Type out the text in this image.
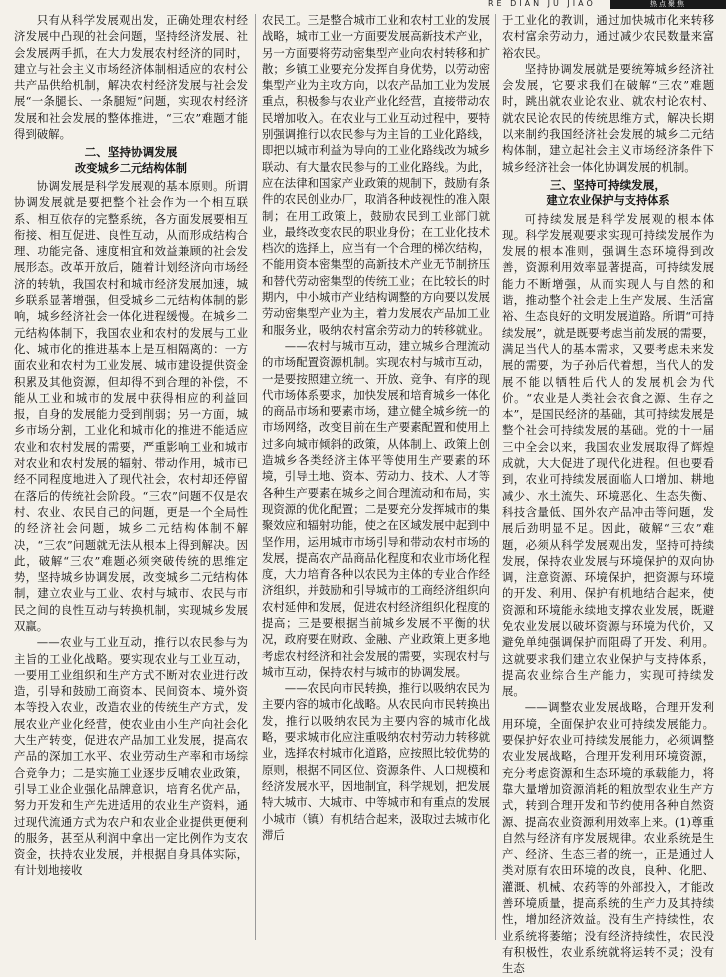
RE DIAN JU JIAO	热点聚焦

只有从科学发展观出发，正确处理农村经济发展中凸现的社会问题，坚持经济发展、社会发展两手抓，在大力发展农村经济的同时，建立与社会主义市场经济体制相适应的农村公共产品供给机制，解决农村经济发展与社会发展“一条腿长、一条腿短”问题，实现农村经济发展和社会发展的整体推进，“三农”难题才能得到破解。

二、坚持协调发展
改变城乡二元结构体制

协调发展是科学发展观的基本原则。所谓协调发展就是要把整个社会作为一个相互联系、相互依存的完整系统，各方面发展要相互衔接、相互促进、良性互动，从而形成结构合理、功能完备、速度相宜和效益兼顾的社会发展形态。改革开放后，随着计划经济向市场经济的转轨，我国农村和城市经济发展加速，城乡联系显著增强，但受城乡二元结构体制的影响，城乡经济社会一体化进程缓慢。在城乡二元结构体制下，我国农业和农村的发展与工业化、城市化的推进基本上是互相隔离的：一方面农业和农村为工业发展、城市建设提供资金积累及其他资源，但却得不到合理的补偿，不能从工业和城市的发展中获得相应的利益回报，自身的发展能力受到削弱；另一方面，城乡市场分割，工业化和城市化的推进不能适应农业和农村发展的需要，严重影响工业和城市对农业和农村发展的辐射、带动作用，城市已经不同程度地进入了现代社会，农村却还停留在落后的传统社会阶段。“三农”问题不仅是农村、农业、农民自己的问题，更是一个全局性的经济社会问题，城乡二元结构体制不解决，“三农”问题就无法从根本上得到解决。因此，破解“三农”难题必须突破传统的思维定势，坚持城乡协调发展，改变城乡二元结构体制，建立农业与工业、农村与城市、农民与市民之间的良性互动与转换机制，实现城乡发展双赢。

——农业与工业互动，推行以农民参与为主旨的工业化战略。要实现农业与工业互动，一要用工业组织和生产方式不断对农业进行改造，引导和鼓励工商资本、民间资本、境外资本等投入农业，改造农业的传统生产方式，发展农业产业化经营，使农业由小生产向社会化大生产转变，促进农产品加工业发展，提高农产品的深加工水平、农业劳动生产率和市场综合竞争力；二是实施工业逐步反哺农业政策，引导工业企业强化品牌意识，培育名优产品，努力开发和生产先进适用的农业生产资料，通过现代流通方式为农户和农业企业提供更便利的服务，甚至从利润中拿出一定比例作为支农资金，扶持农业发展，并根据自身具体实际，有计划地接收

农民工。三是整合城市工业和农村工业的发展战略，城市工业一方面要发展高新技术产业，另一方面要将劳动密集型产业向农村转移和扩散；乡镇工业要充分发挥自身优势，以劳动密集型产业为主攻方向，以农产品加工业为发展重点，积极参与农业产业化经营，直接带动农民增加收入。在农业与工业互动过程中，要特别强调推行以农民参与为主旨的工业化路线，即把以城市利益为导向的工业化路线改为城乡联动、有大量农民参与的工业化路线。为此，应在法律和国家产业政策的规制下，鼓励有条件的农民创业办厂，取消各种歧视性的准入限制；在用工政策上，鼓励农民到工业部门就业，最终改变农民的职业身份；在工业化技术档次的选择上，应当有一个合理的梯次结构，不能用资本密集型的高新技术产业无节制挤压和替代劳动密集型的传统工业；在比较长的时期内，中小城市产业结构调整的方向要以发展劳动密集型产业为主，着力发展农产品加工业和服务业，吸纳农村富余劳动力的转移就业。

——农村与城市互动，建立城乡合理流动的市场配置资源机制。实现农村与城市互动，一是要按照建立统一、开放、竞争、有序的现代市场体系要求，加快发展和培育城乡一体化的商品市场和要素市场，建立健全城乡统一的市场网络，改变目前在生产要素配置和使用上过多向城市倾斜的政策，从体制上、政策上创造城乡各类经济主体平等使用生产要素的环境，引导土地、资本、劳动力、技术、人才等各种生产要素在城乡之间合理流动和布局，实现资源的优化配置；二是要充分发挥城市的集聚效应和辐射功能，使之在区域发展中起到中坚作用，运用城市市场引导和带动农村市场的发展，提高农产品商品化程度和农业市场化程度，大力培育各种以农民为主体的专业合作经济组织，并鼓励和引导城市的工商经济组织向农村延伸和发展，促进农村经济组织化程度的提高；三是要根据当前城乡发展不平衡的状况，政府要在财政、金融、产业政策上更多地考虑农村经济和社会发展的需要，实现农村与城市互动，保持农村与城市的协调发展。

——农民向市民转换，推行以吸纳农民为主要内容的城市化战略。从农民向市民转换出发，推行以吸纳农民为主要内容的城市化战略，要求城市化应注重吸纳农村劳动力转移就业，选择农村城市化道路，应按照比较优势的原则，根据不同区位、资源条件、人口规模和经济发展水平，因地制宜，科学规划，把发展特大城市、大城市、中等城市和有重点的发展小城市（镇）有机结合起来，汲取过去城市化滞后

于工业化的教训，通过加快城市化来转移农村富余劳动力，通过减少农民数量来富裕农民。

坚持协调发展就是要统筹城乡经济社会发展，它要求我们在破解“三农”难题时，跳出就农业论农业、就农村论农村、就农民论农民的传统思维方式，解决长期以来制约我国经济社会发展的城乡二元结构体制，建立起社会主义市场经济条件下城乡经济社会一体化协调发展的机制。

三、坚持可持续发展，
建立农业保护与支持体系

可持续发展是科学发展观的根本体现。科学发展观要求实现可持续发展作为发展的根本准则，强调生态环境得到改善，资源利用效率显著提高，可持续发展能力不断增强，从而实现人与自然的和谐，推动整个社会走上生产发展、生活富裕、生态良好的文明发展道路。所谓“可持续发展”，就是既要考虑当前发展的需要，满足当代人的基本需求，又要考虑未来发展的需要，为子孙后代着想，当代人的发展不能以牺牲后代人的发展机会为代价。“农业是人类社会衣食之源、生存之本”，是国民经济的基础，其可持续发展是整个社会可持续发展的基础。党的十一届三中全会以来，我国农业发展取得了辉煌成就，大大促进了现代化进程。但也要看到，农业可持续发展面临人口增加、耕地减少、水土流失、环境恶化、生态失衡、科技含量低、国外农产品冲击等问题，发展后劲明显不足。因此，破解“三农”难题，必须从科学发展观出发，坚持可持续发展，保持农业发展与环境保护的双向协调，注意资源、环境保护，把资源与环境的开发、利用、保护有机地结合起来，使资源和环境能永续地支撑农业发展，既避免农业发展以破坏资源与环境为代价，又避免单纯强调保护而阻碍了开发、利用。这就要求我们建立农业保护与支持体系，提高农业综合生产能力，实现可持续发展。

——调整农业发展战略，合理开发利用环境，全面保护农业可持续发展能力。要保护好农业可持续发展能力，必须调整农业发展战略，合理开发利用环境资源，充分考虑资源和生态环境的承载能力，将靠大量增加资源消耗的粗放型农业生产方式，转到合理开发和节约使用各种自然资源、提高农业资源利用效率上来。(1)尊重自然与经济有序发展规律。农业系统是生产、经济、生态三者的统一，正是通过人类对原有农田环境的改良，良种、化肥、灌溉、机械、农药等的外部投入，才能改善环境质量，提高系统的生产力及其持续性，增加经济效益。没有生产持续性，农业系统将萎缩；没有经济持续性，农民没有积极性，农业系统就将运转不灵；没有生态
